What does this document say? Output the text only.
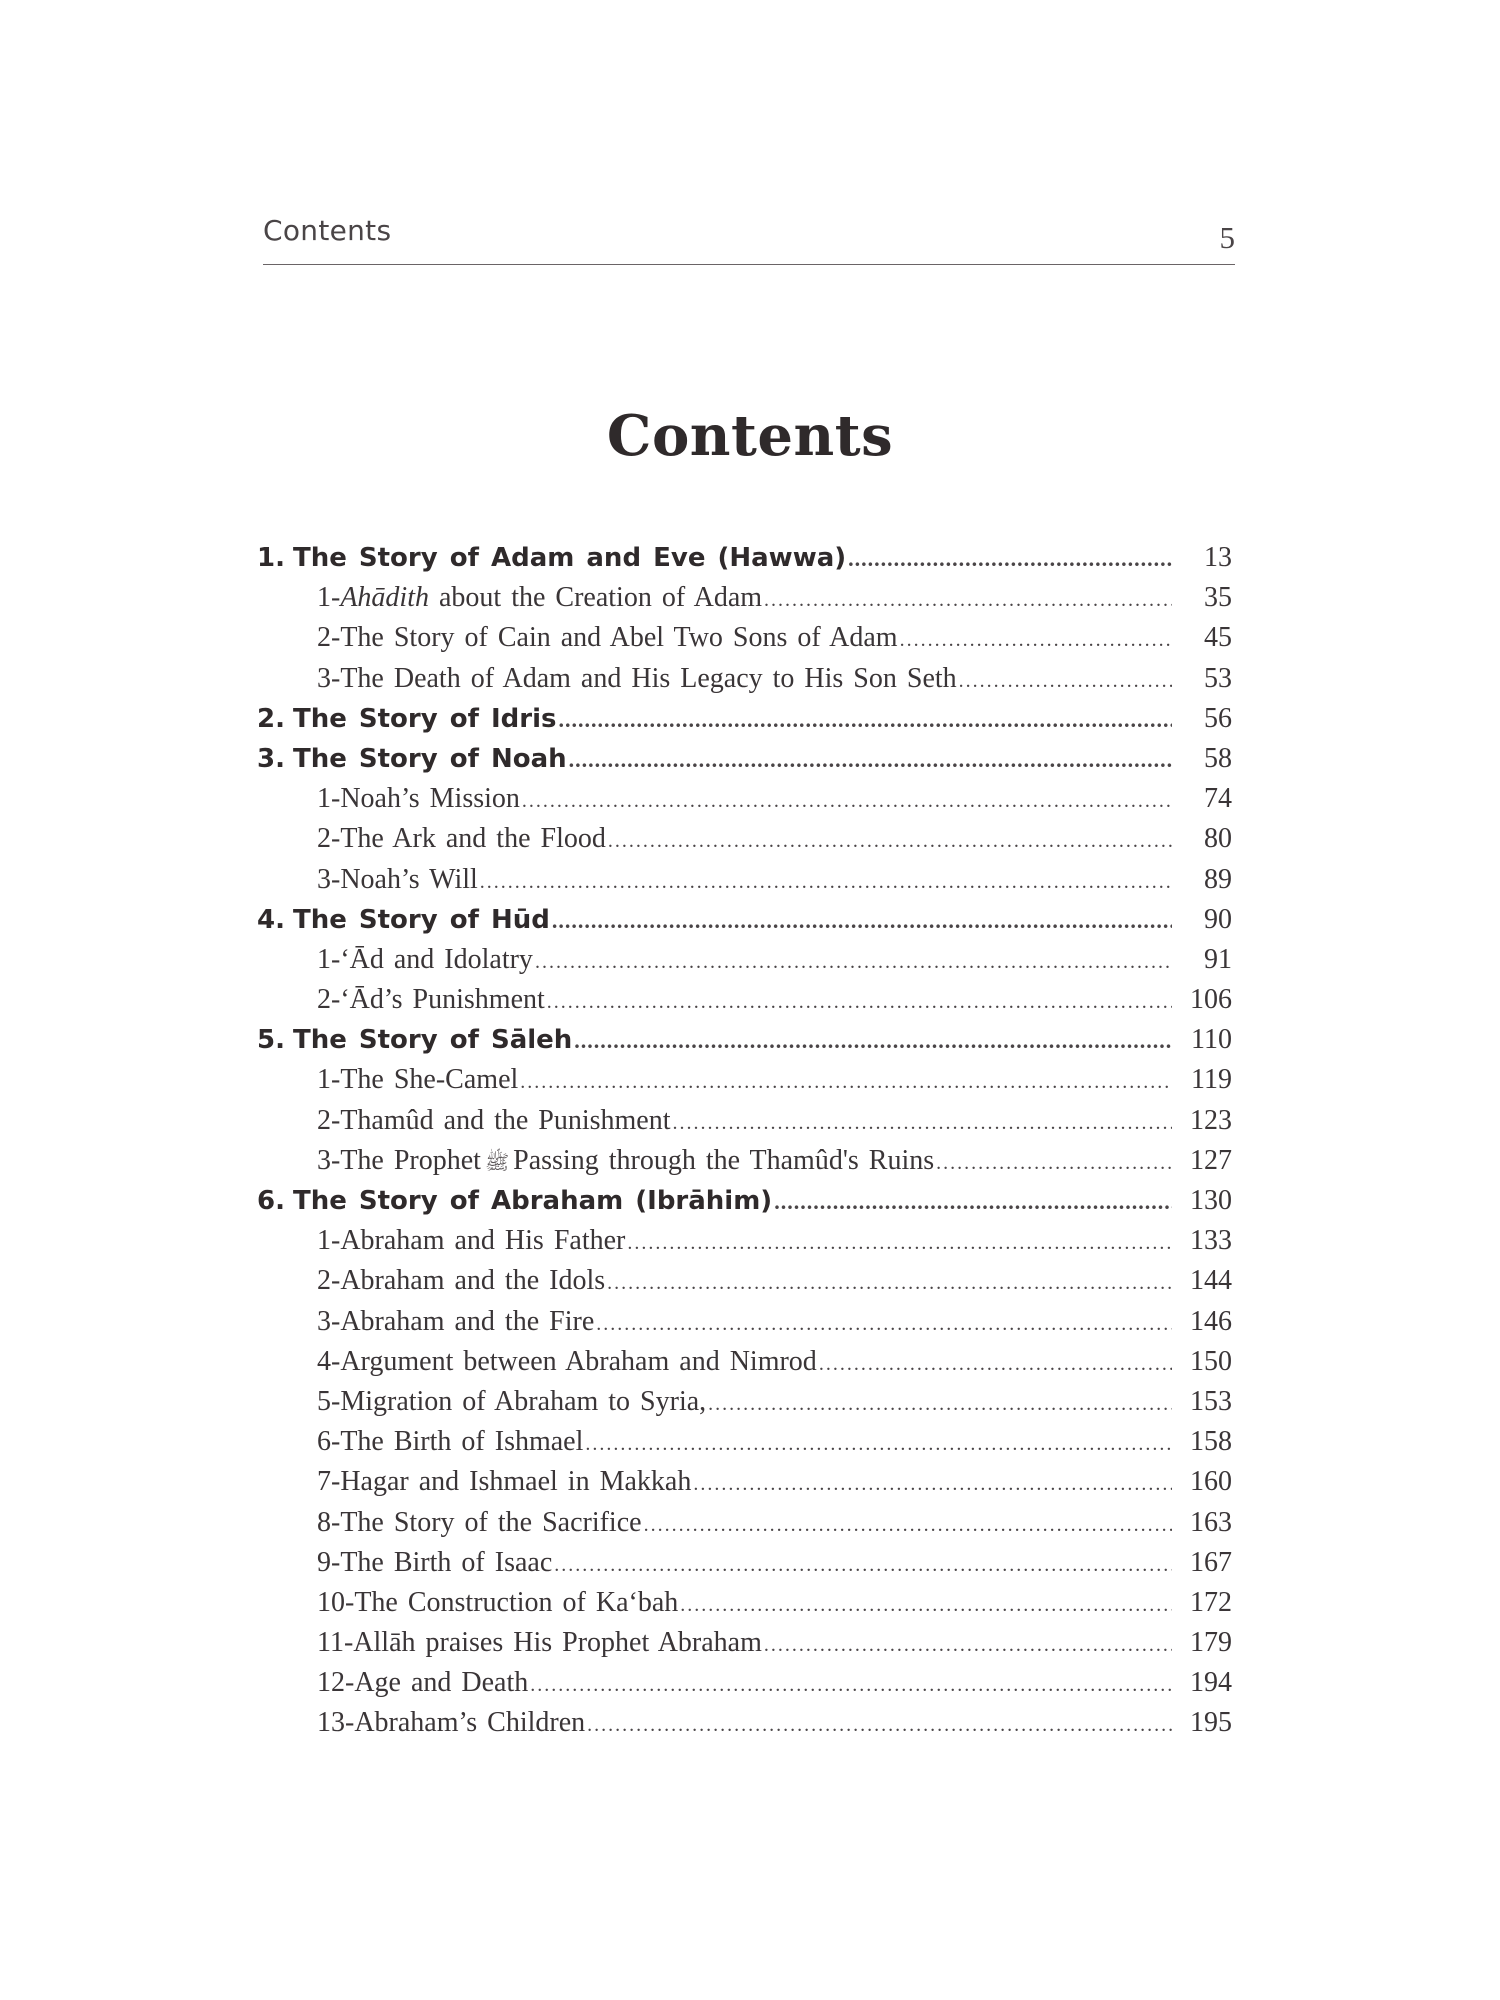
Contents	5
Contents
1. The Story of Adam and Eve (Hawwa) .....	13
1-Ahādith about the Creation of Adam .....	35
2-The Story of Cain and Abel Two Sons of Adam .....	45
3-The Death of Adam and His Legacy to His Son Seth .....	53
2. The Story of Idris .....	56
3. The Story of Noah .....	58
1-Noah’s Mission .....	74
2-The Ark and the Flood .....	80
3-Noah’s Will .....	89
4. The Story of Hūd .....	90
1-‘Ād and Idolatry .....	91
2-‘Ād’s Punishment .....	106
5. The Story of Sāleh .....	110
1-The She-Camel .....	119
2-Thamûd and the Punishment .....	123
3-The Prophet ﷺ Passing through the Thamûd's Ruins .....	127
6. The Story of Abraham (Ibrāhim) .....	130
1-Abraham and His Father .....	133
2-Abraham and the Idols .....	144
3-Abraham and the Fire .....	146
4-Argument between Abraham and Nimrod .....	150
5-Migration of Abraham to Syria, .....	153
6-The Birth of Ishmael .....	158
7-Hagar and Ishmael in Makkah .....	160
8-The Story of the Sacrifice .....	163
9-The Birth of Isaac .....	167
10-The Construction of Ka‘bah .....	172
11-Allāh praises His Prophet Abraham .....	179
12-Age and Death .....	194
13-Abraham’s Children .....	195
